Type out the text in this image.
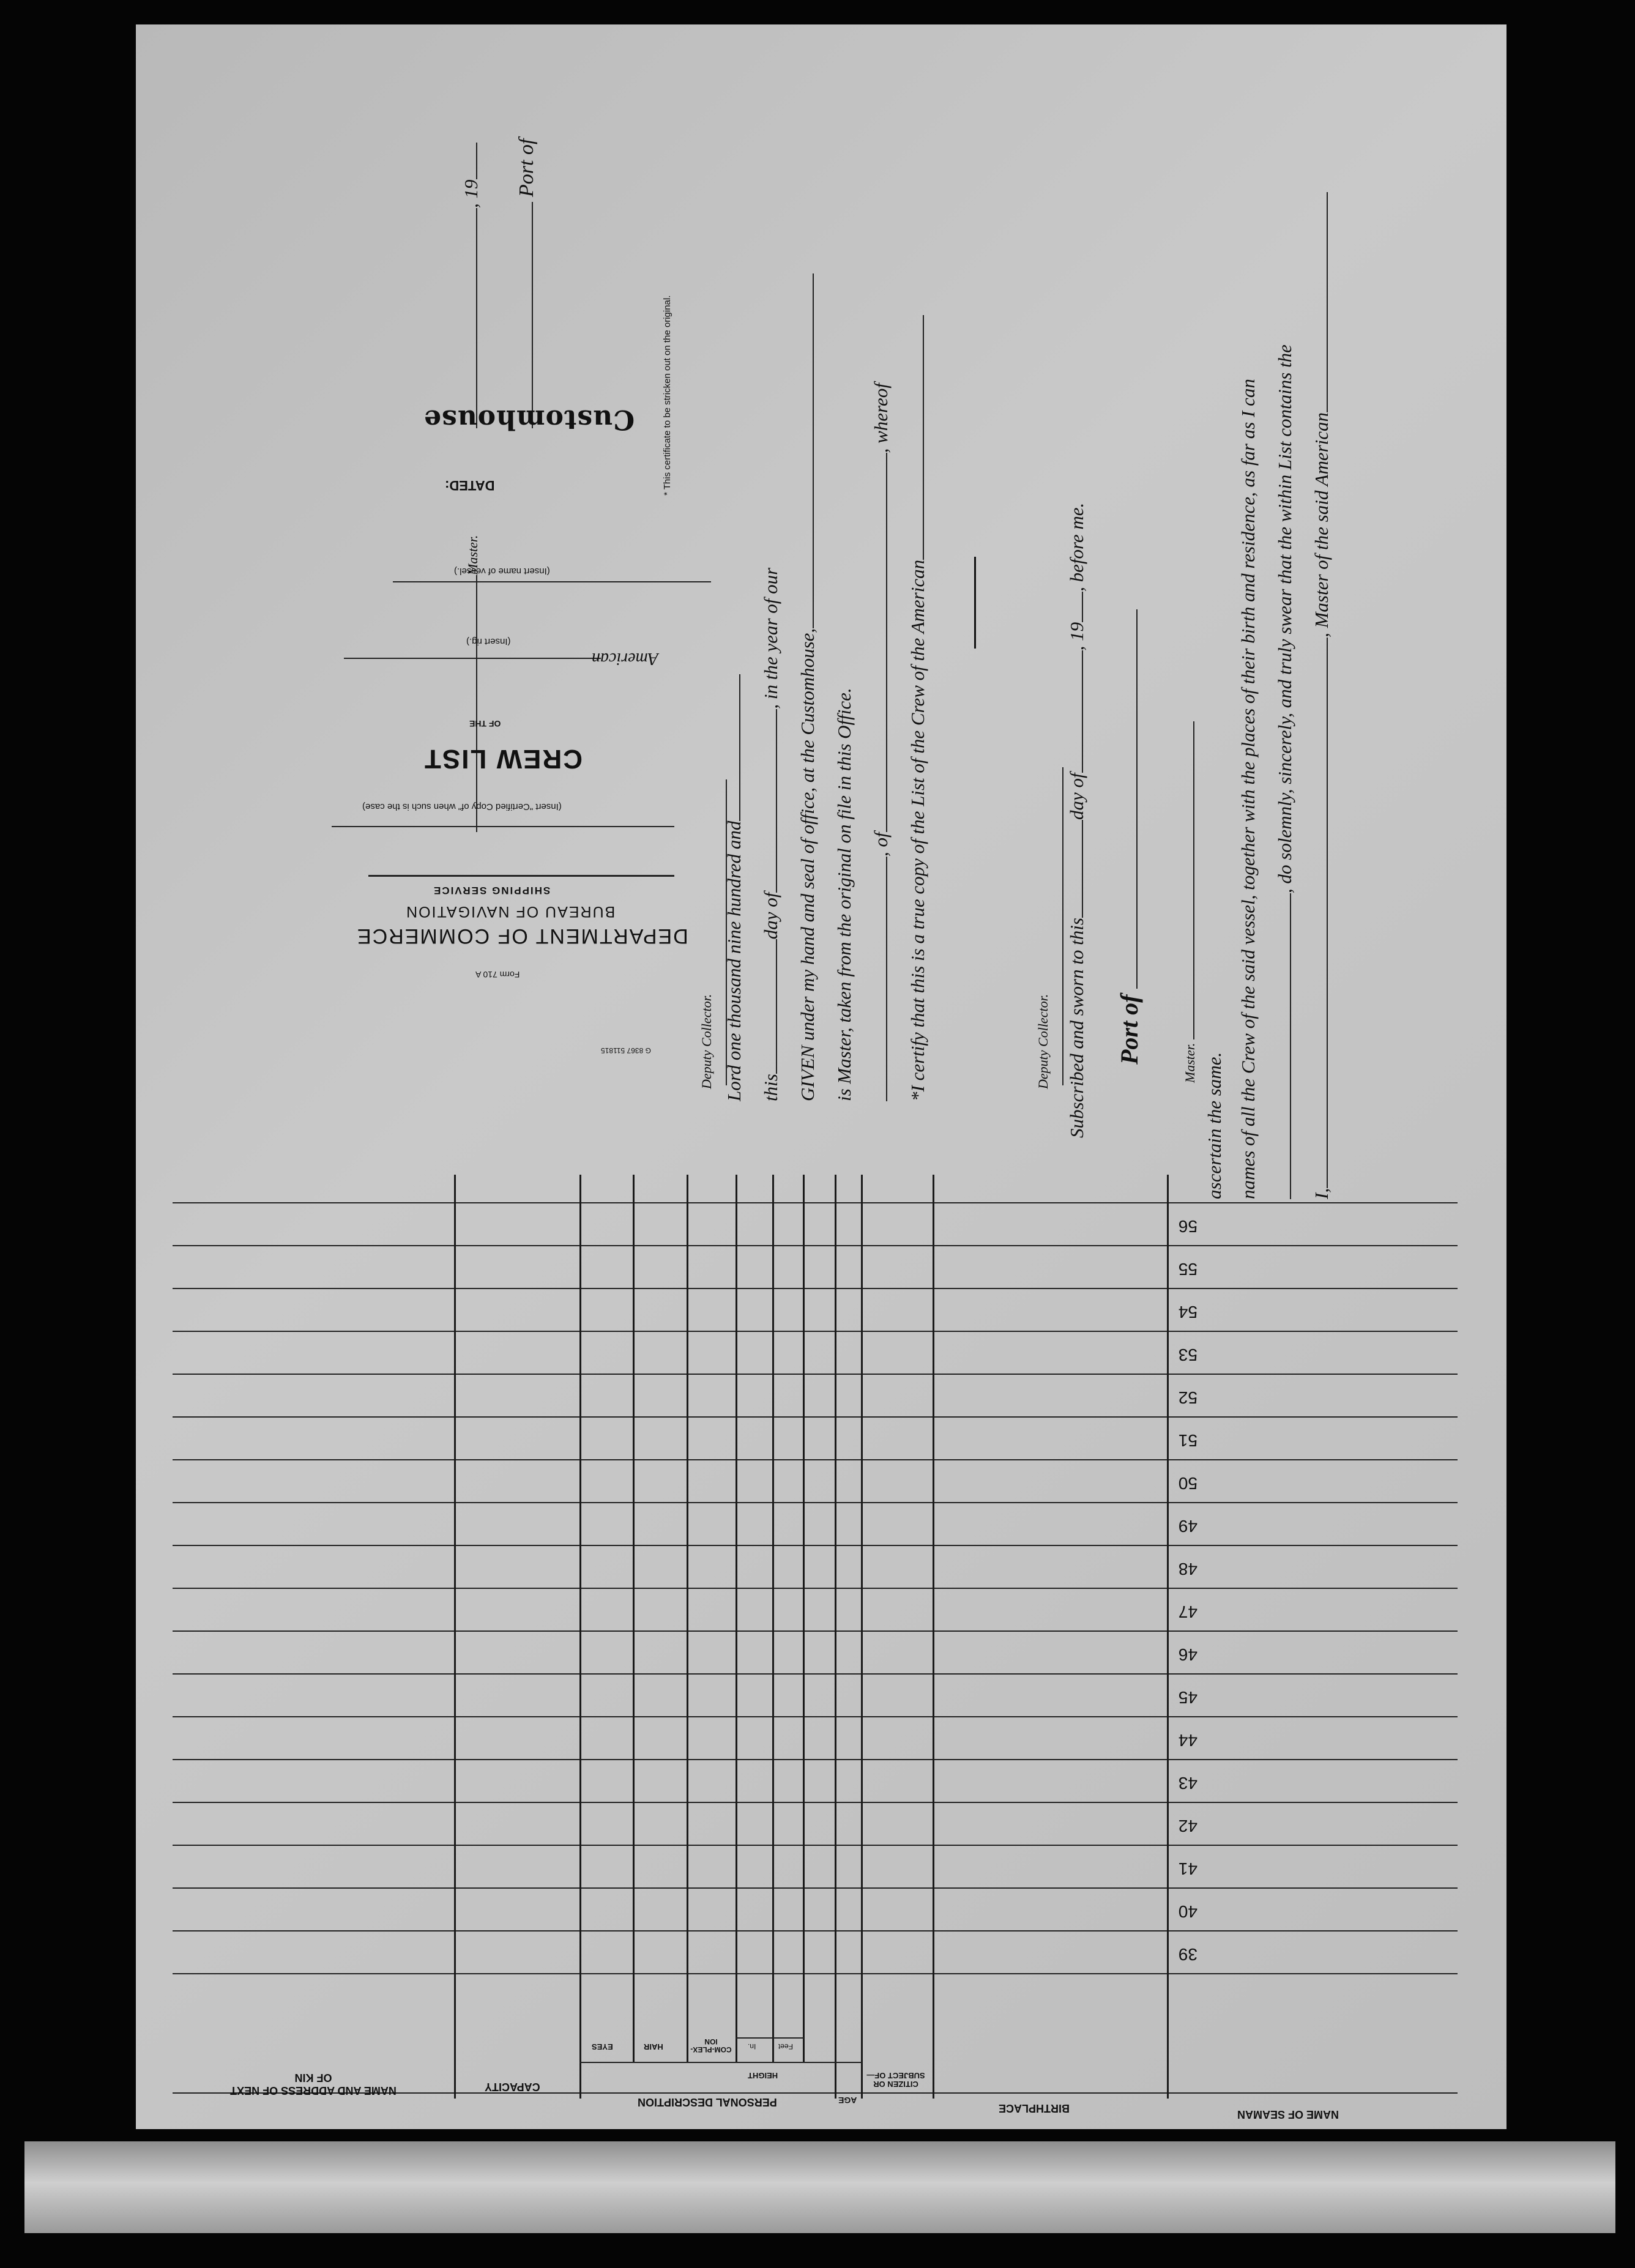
39
40
41
42
43
44
45
46
47
48
49
50
51
52
53
54
55
56
NAME OF SEAMAN
BIRTHPLACE
CITIZEN OR SUBJECT OF—
AGE
PERSONAL DESCRIPTION
HEIGHT
Feet
In.
COM-PLEX-ION
HAIR
EYES
CAPACITY
NAME AND ADDRESS OF NEXT OF KIN
I,, Master of the said American
, do solemnly, sincerely, and truly swear that the within List contains the
names of all the Crew of the said vessel, together with the places of their birth and residence, as far as I can
ascertain the same.
Master.
Port of
Subscribed and sworn to thisday of, 19, before me.
Deputy Collector.
*I certify that this is a true copy of the List of the Crew of the American
, of, whereof
is Master, taken from the original on file in this Office.
GIVEN under my hand and seal of office, at the Customhouse,
thisday of, in the year of our
Lord one thousand nine hundred and
Deputy Collector.
* This certificate to be stricken out on the original.
Port of
, 19
Customhouse
DATED:
Master.
(Insert name of vessel.)
(Insert rig.)
American
OF THE
CREW LIST
(Insert "Certified Copy of" when such is the case)
SHIPPING SERVICE
BUREAU OF NAVIGATION
DEPARTMENT OF COMMERCE
Form 710 A
G 8367 511815
